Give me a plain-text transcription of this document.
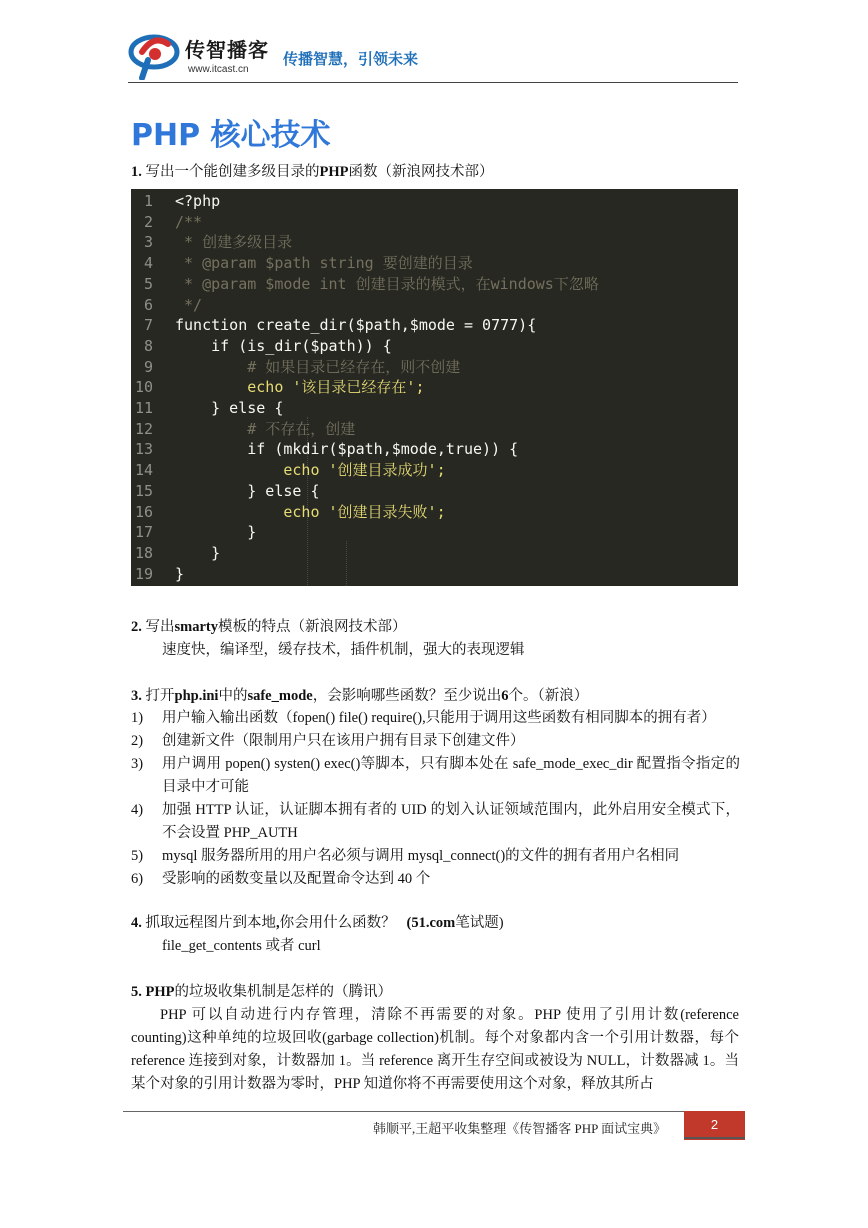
传智播客
www.itcast.cn
传播智慧，引领未来
PHP 核心技术
1. 写出一个能创建多级目录的PHP函数（新浪网技术部）
1 <?php
2 /**
3 * 创建多级目录
4 * @param $path string 要创建的目录
5 * @param $mode int 创建目录的模式，在windows下忽略
6 */
7 function create_dir($path,$mode = 0777){
8 if (is_dir($path)) {
9 # 如果目录已经存在，则不创建
10 echo '该目录已经存在';
11 } else {
12 # 不存在，创建
13 if (mkdir($path,$mode,true)) {
14 echo '创建目录成功';
15 } else {
16 echo '创建目录失败';
17 }
18 }
19 }
2. 写出smarty模板的特点（新浪网技术部）
速度快，编译型，缓存技术，插件机制，强大的表现逻辑
3. 打开php.ini中的safe_mode，会影响哪些函数？至少说出6个。（新浪）
1) 用户输入输出函数（fopen() file() require(),只能用于调用这些函数有相同脚本的拥有者）
2) 创建新文件（限制用户只在该用户拥有目录下创建文件）
3) 用户调用 popen() systen() exec()等脚本，只有脚本处在 safe_mode_exec_dir 配置指令指定的目录中才可能
4) 加强 HTTP 认证，认证脚本拥有者的 UID 的划入认证领域范围内，此外启用安全模式下，不会设置 PHP_AUTH
5) mysql 服务器所用的用户名必须与调用 mysql_connect()的文件的拥有者用户名相同
6) 受影响的函数变量以及配置命令达到 40 个
4. 抓取远程图片到本地,你会用什么函数？ (51.com笔试题)
file_get_contents 或者 curl
5. PHP的垃圾收集机制是怎样的（腾讯）
PHP 可以自动进行内存管理，清除不再需要的对象。PHP 使用了引用计数(reference counting)这种单纯的垃圾回收(garbage collection)机制。每个对象都内含一个引用计数器，每个 reference 连接到对象，计数器加 1。当 reference 离开生存空间或被设为 NULL，计数器减 1。当某个对象的引用计数器为零时，PHP 知道你将不再需要使用这个对象，释放其所占
韩顺平,王超平收集整理《传智播客 PHP 面试宝典》	2
